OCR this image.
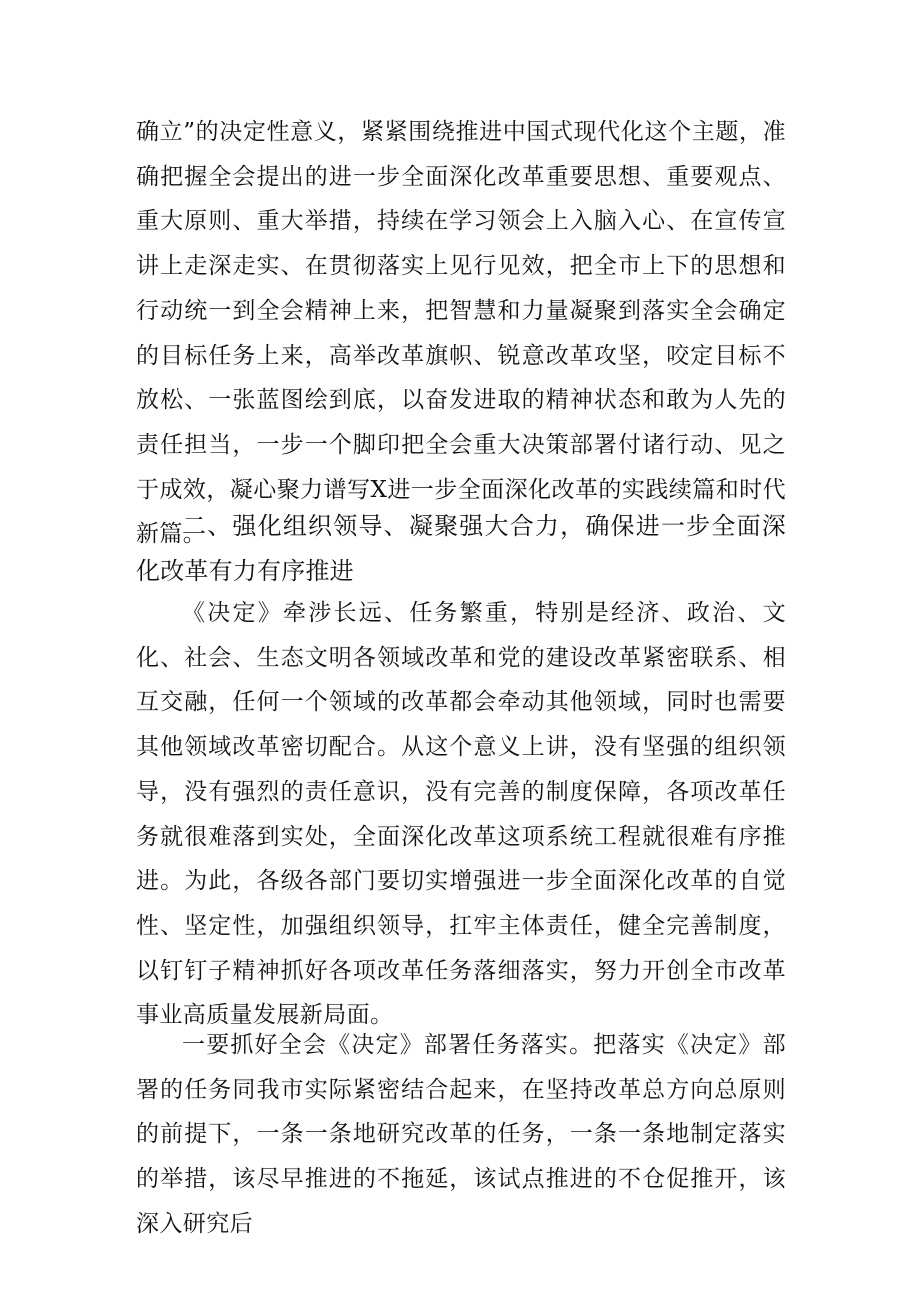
确立”的决定性意义，紧紧围绕推进中国式现代化这个主题，准确把握全会提出的进一步全面深化改革重要思想、重要观点、重大原则、重大举措，持续在学习领会上入脑入心、在宣传宣讲上走深走实、在贯彻落实上见行见效，把全市上下的思想和行动统一到全会精神上来，把智慧和力量凝聚到落实全会确定的目标任务上来，高举改革旗帜、锐意改革攻坚，咬定目标不放松、一张蓝图绘到底，以奋发进取的精神状态和敢为人先的责任担当，一步一个脚印把全会重大决策部署付诸行动、见之于成效，凝心聚力谱写X进一步全面深化改革的实践续篇和时代新篇。

二、强化组织领导、凝聚强大合力，确保进一步全面深化改革有力有序推进

《决定》牵涉长远、任务繁重，特别是经济、政治、文化、社会、生态文明各领域改革和党的建设改革紧密联系、相互交融，任何一个领域的改革都会牵动其他领域，同时也需要其他领域改革密切配合。从这个意义上讲，没有坚强的组织领导，没有强烈的责任意识，没有完善的制度保障，各项改革任务就很难落到实处，全面深化改革这项系统工程就很难有序推进。为此，各级各部门要切实增强进一步全面深化改革的自觉性、坚定性，加强组织领导，扛牢主体责任，健全完善制度，以钉钉子精神抓好各项改革任务落细落实，努力开创全市改革事业高质量发展新局面。

一要抓好全会《决定》部署任务落实。把落实《决定》部署的任务同我市实际紧密结合起来，在坚持改革总方向总原则的前提下，一条一条地研究改革的任务，一条一条地制定落实的举措，该尽早推进的不拖延，该试点推进的不仓促推开，该深入研究后
